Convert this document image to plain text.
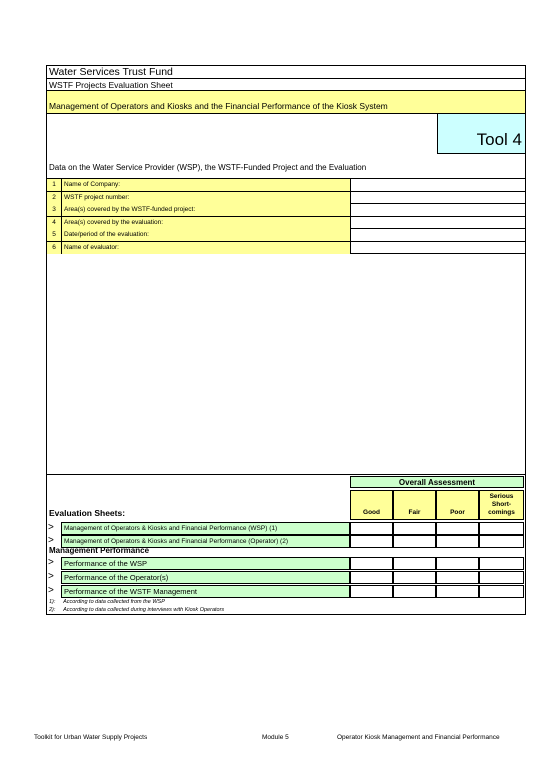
Water Services Trust Fund
WSTF Projects Evaluation Sheet
Management of Operators and Kiosks and the Financial Performance of the Kiosk System
Tool 4
Data on the Water Service Provider (WSP), the WSTF-Funded Project and the Evaluation
1	Name of Company:
2	WSTF project number:
3	Area(s) covered by the WSTF-funded project:
4	Area(s) covered by the evaluation:
5	Date/period of the evaluation:
6	Name of evaluator:
Overall Assessment
Good	Fair	Poor
Serious Short-comings
Evaluation Sheets:
>	Management of Operators & Kiosks and Financial Performance (WSP) (1)
>	Management of Operators & Kiosks and Financial Performance (Operator) (2)
Management Performance
>	Performance of the WSP
>	Performance of the Operator(s)
>	Performance of the WSTF Management
1): According to data collected from the WSP
2): According to data collected during interviews with Kiosk Operators
Toolkit for Urban Water Supply Projects	Module 5	Operator Kiosk Management and Financial Performance
